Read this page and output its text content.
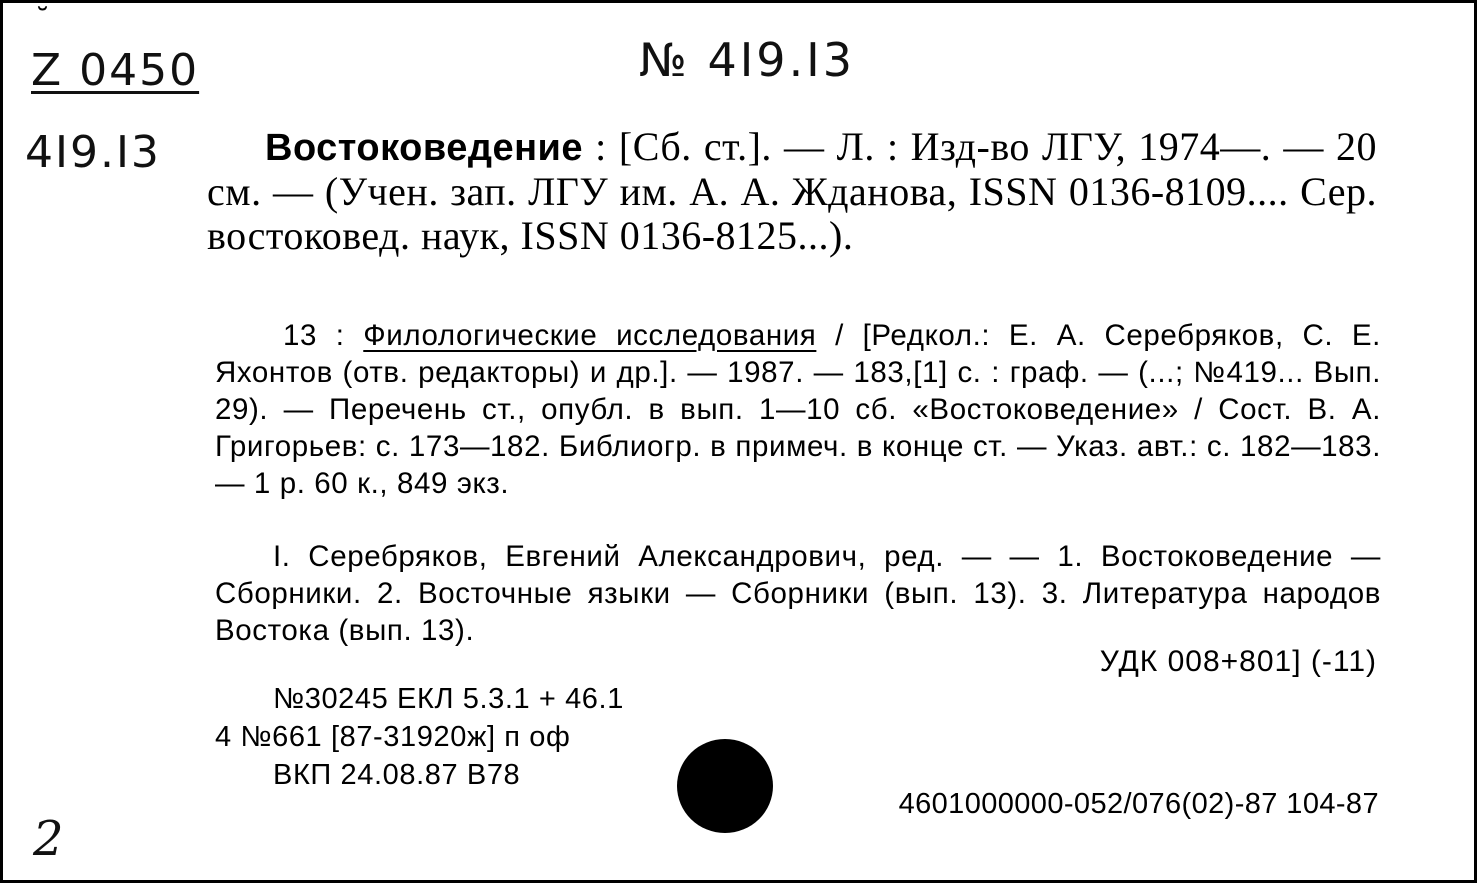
˘
Z 0450	№ 4I9.I3
4I9.I3	Востоковедение : [Сб. ст.]. — Л. : Изд-во ЛГУ, 1974—. — 20 см. — (Учен. зап. ЛГУ им. А. А. Жданова, ISSN 0136-8109.... Сер. востоковед. наук, ISSN 0136-8125...).
13 : Филологические исследования / [Редкол.: Е. А. Серебряков, С. Е. Яхонтов (отв. редакторы) и др.]. — 1987. — 183,[1] с. : граф. — (...; №419... Вып. 29). — Перечень ст., опубл. в вып. 1—10 сб. «Востоковедение» / Сост. В. А. Григорьев: с. 173—182. Библиогр. в примеч. в конце ст. — Указ. авт.: с. 182—183. — 1 р. 60 к., 849 экз.
I. Серебряков, Евгений Александрович, ред. — — 1. Востоковедение — Сборники. 2. Восточные языки — Сборники (вып. 13). 3. Литература народов Востока (вып. 13).
УДК 008+801] (-11)
№30245 ЕКЛ 5.3.1 + 46.1
4 №661 [87-31920ж] п оф
ВКП 24.08.87 В78
4601000000-052/076(02)-87 104-87
2
